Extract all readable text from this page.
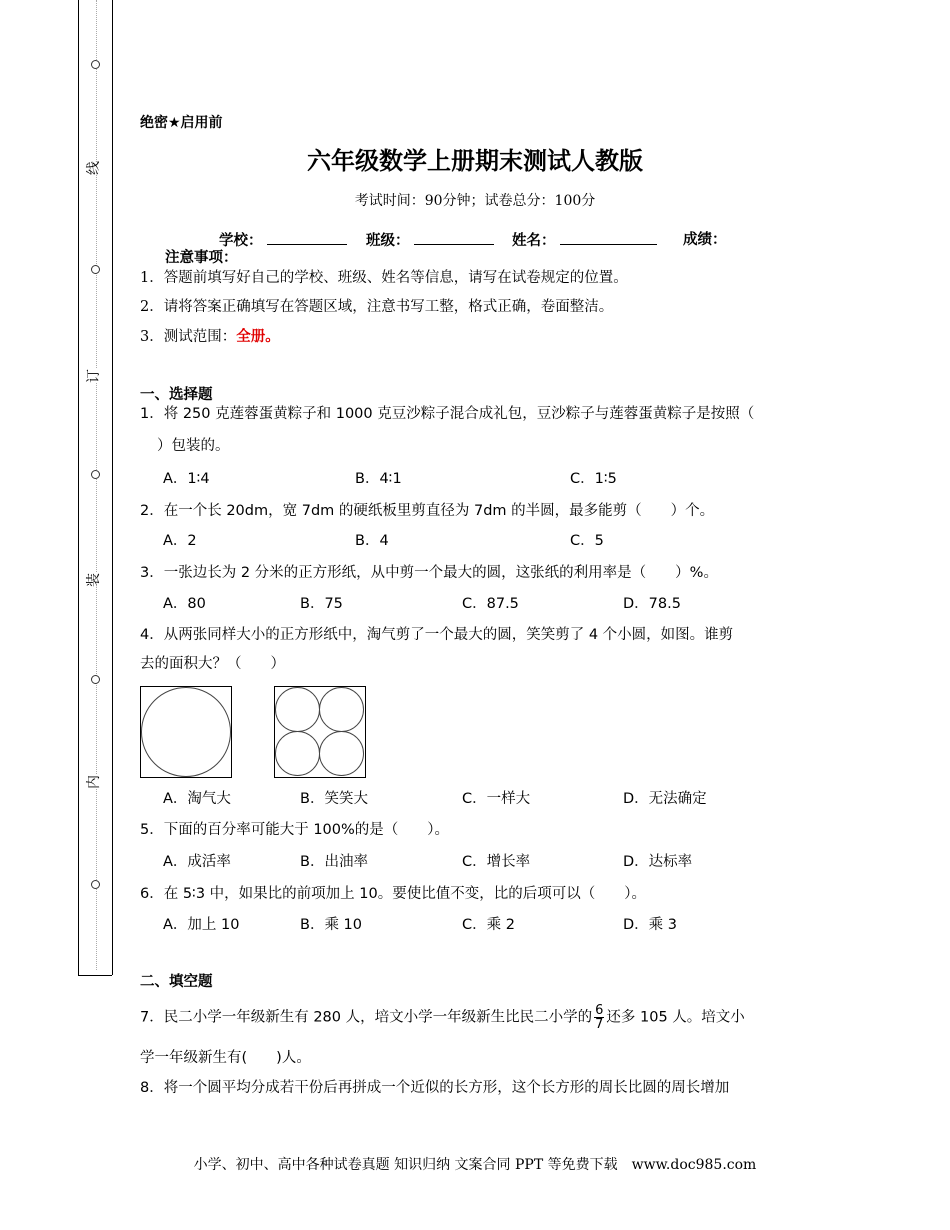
线
订
装
内
绝密★启用前
六年级数学上册期末测试人教版
考试时间：90分钟；试卷总分：100分
学校：	班级：	姓名：	成绩：
注意事项：
1．答题前填写好自己的学校、班级、姓名等信息，请写在试卷规定的位置。
2．请将答案正确填写在答题区域，注意书写工整，格式正确，卷面整洁。
3．测试范围：全册。
一、选择题
1．将 250 克莲蓉蛋黄粽子和 1000 克豆沙粽子混合成礼包，豆沙粽子与莲蓉蛋黄粽子是按照（
）包装的。
A．1∶4	B．4∶1	C．1∶5
2．在一个长 20dm，宽 7dm 的硬纸板里剪直径为 7dm 的半圆，最多能剪（　　）个。
A．2	B．4	C．5
3．一张边长为 2 分米的正方形纸，从中剪一个最大的圆，这张纸的利用率是（　　）%。
A．80	B．75	C．87.5	D．78.5
4．从两张同样大小的正方形纸中，淘气剪了一个最大的圆，笑笑剪了 4 个小圆，如图。谁剪
去的面积大？（　　）
A．淘气大	B．笑笑大	C．一样大	D．无法确定
5．下面的百分率可能大于 100%的是（　　）。
A．成活率	B．出油率	C．增长率	D．达标率
6．在 5∶3 中，如果比的前项加上 10。要使比值不变，比的后项可以（　　）。
A．加上 10	B．乘 10	C．乘 2	D．乘 3
二、填空题
7．民二小学一年级新生有 280 人，培文小学一年级新生比民二小学的 $\frac{6}{7}$ 还多 105 人。培文小
学一年级新生有(　　)人。
8．将一个圆平均分成若干份后再拼成一个近似的长方形，这个长方形的周长比圆的周长增加
小学、初中、高中各种试卷真题 知识归纳 文案合同 PPT 等免费下载　www.doc985.com
